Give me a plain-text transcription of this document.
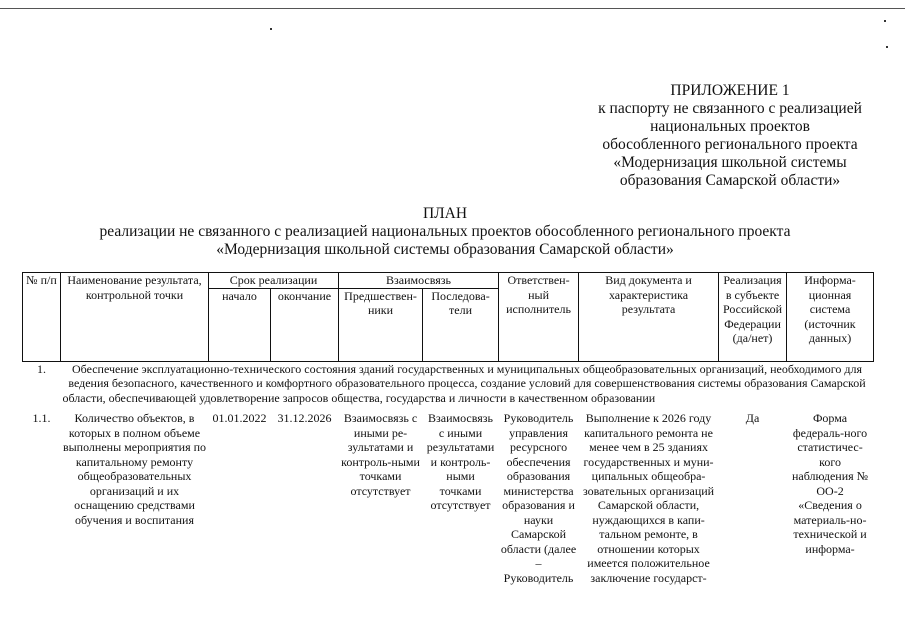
ПРИЛОЖЕНИЕ 1
к паспорту не связанного с реализацией
национальных проектов
обособленного регионального проекта
«Модернизация школьной системы
образования Самарской области»
ПЛАН
реализации не связанного с реализацией национальных проектов обособленного регионального проекта
«Модернизация школьной системы образования Самарской области»
№ п/п	Наименование результата, контрольной точки	Срок реализации		Взаимосвязь		Ответствен-ный исполнитель	Вид документа и характеристика результата	Реализация в субъекте Российской Федерации (да/нет)	Информа-ционная система (источник данных)
		начало	окончание	Предшествен-ники	Последова-тели				
1.	Обеспечение эксплуатационно-технического состояния зданий государственных и муниципальных общеобразовательных организаций, необходимого для ведения безопасного, качественного и комфортного образовательного процесса, создание условий для совершенствования системы образования Самарской области, обеспечивающей удовлетворение запросов общества, государства и личности в качественном образовании								
1.1.	Количество объектов, в которых в полном объеме выполнены мероприятия по капитальному ремонту общеобразовательных организаций и их оснащению средствами обучения и воспитания	01.01.2022	31.12.2026	Взаимосвязь с иными ре-зультатами и контроль-ными точками отсутствует	Взаимосвязь с иными результатами и контроль-ными точками отсутствует	Руководитель управления ресурсного обеспечения образования министерства образования и науки Самарской области (далее – Руководитель	Выполнение к 2026 году капитального ремонта не менее чем в 25 зданиях государственных и муни-ципальных общеобра-зовательных организаций Самарской области, нуждающихся в капи-тальном ремонте, в отношении которых имеется положительное заключение государст-	Да	Форма федераль-ного статистичес-кого наблюдения № ОО-2 «Сведения о материаль-но-технической и информа-
